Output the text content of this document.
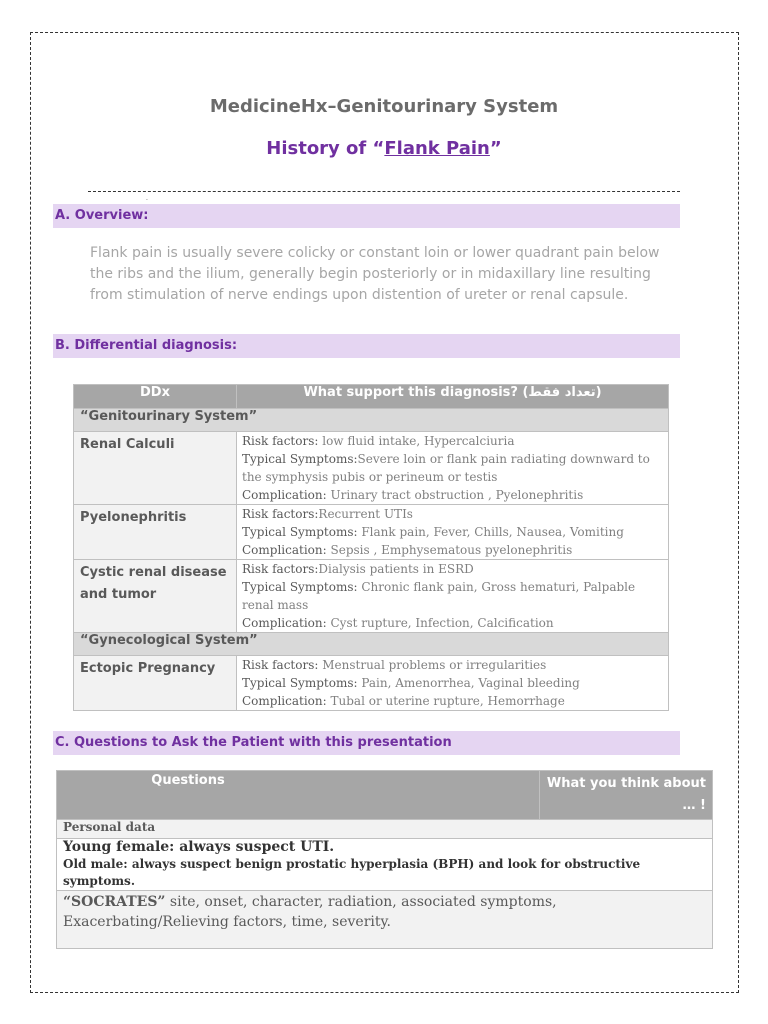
MedicineHx–Genitourinary System
History of “Flank Pain”
.
A. Overview:
Flank pain is usually severe colicky or constant loin or lower quadrant pain below the ribs and the ilium, generally begin posteriorly or in midaxillary line resulting from stimulation of nerve endings upon distention of ureter or renal capsule.
B. Differential diagnosis:
DDx	What support this diagnosis? (تعداد فقط)
“Genitourinary System”	
Renal Calculi	Risk factors: low fluid intake, Hypercalciuria
Typical Symptoms:Severe loin or flank pain radiating downward to the symphysis pubis or perineum or testis
Complication: Urinary tract obstruction , Pyelonephritis
Pyelonephritis	Risk factors:Recurrent UTIs
Typical Symptoms: Flank pain, Fever, Chills, Nausea, Vomiting
Complication: Sepsis , Emphysematous pyelonephritis
Cystic renal disease and tumor	Risk factors:Dialysis patients in ESRD
Typical Symptoms: Chronic flank pain, Gross hematuri, Palpable renal mass
Complication: Cyst rupture, Infection, Calcification
“Gynecological System”	
Ectopic Pregnancy	Risk factors: Menstrual problems or irregularities
Typical Symptoms: Pain, Amenorrhea, Vaginal bleeding
Complication: Tubal or uterine rupture, Hemorrhage
C. Questions to Ask the Patient with this presentation
Questions	What you think about … !
Personal data
Young female: always suspect UTI.
Old male: always suspect benign prostatic hyperplasia (BPH) and look for obstructive symptoms.
“SOCRATES” site, onset, character, radiation, associated symptoms, Exacerbating/Relieving factors, time, severity.
